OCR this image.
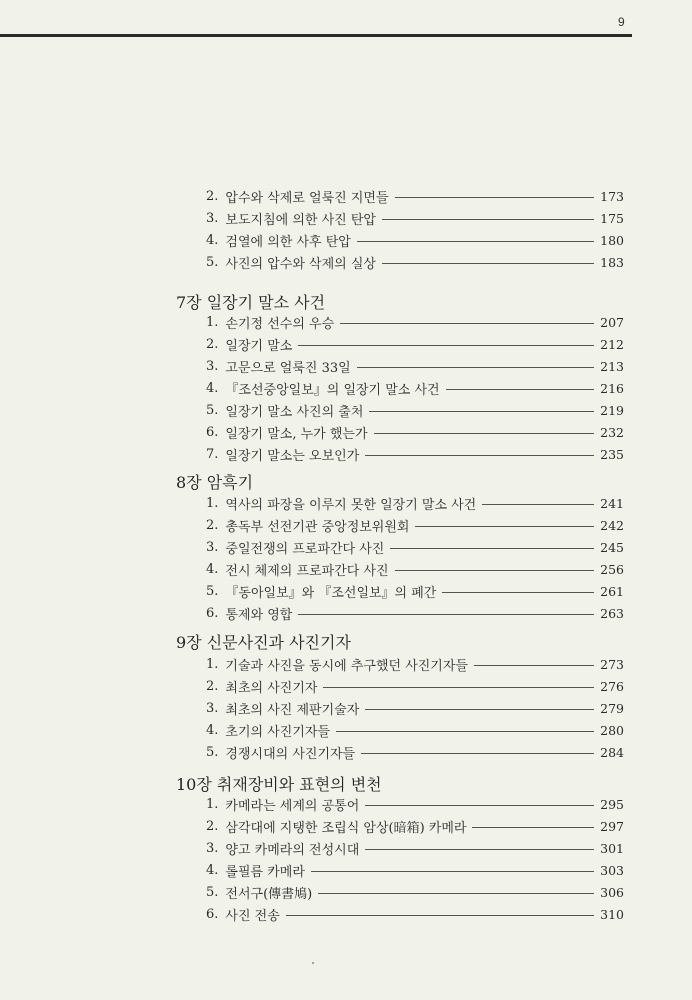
9
2. 압수와 삭제로 얼룩진 지면들	173
3. 보도지침에 의한 사진 탄압	175
4. 검열에 의한 사후 탄압	180
5. 사진의 압수와 삭제의 실상	183
7장 일장기 말소 사건
1. 손기정 선수의 우승	207
2. 일장기 말소	212
3. 고문으로 얼룩진 33일	213
4. 『조선중앙일보』의 일장기 말소 사건	216
5. 일장기 말소 사진의 출처	219
6. 일장기 말소, 누가 했는가	232
7. 일장기 말소는 오보인가	235
8장 암흑기
1. 역사의 파장을 이루지 못한 일장기 말소 사건	241
2. 총독부 선전기관 중앙정보위원회	242
3. 중일전쟁의 프로파간다 사진	245
4. 전시 체제의 프로파간다 사진	256
5. 『동아일보』와 『조선일보』의 폐간	261
6. 통제와 영합	263
9장 신문사진과 사진기자
1. 기술과 사진을 동시에 추구했던 사진기자들	273
2. 최초의 사진기자	276
3. 최초의 사진 제판기술자	279
4. 초기의 사진기자들	280
5. 경쟁시대의 사진기자들	284
10장 취재장비와 표현의 변천
1. 카메라는 세계의 공통어	295
2. 삼각대에 지탱한 조립식 암상(暗箱) 카메라	297
3. 양고 카메라의 전성시대	301
4. 롤필름 카메라	303
5. 전서구(傳書鳩)	306
6. 사진 전송	310
